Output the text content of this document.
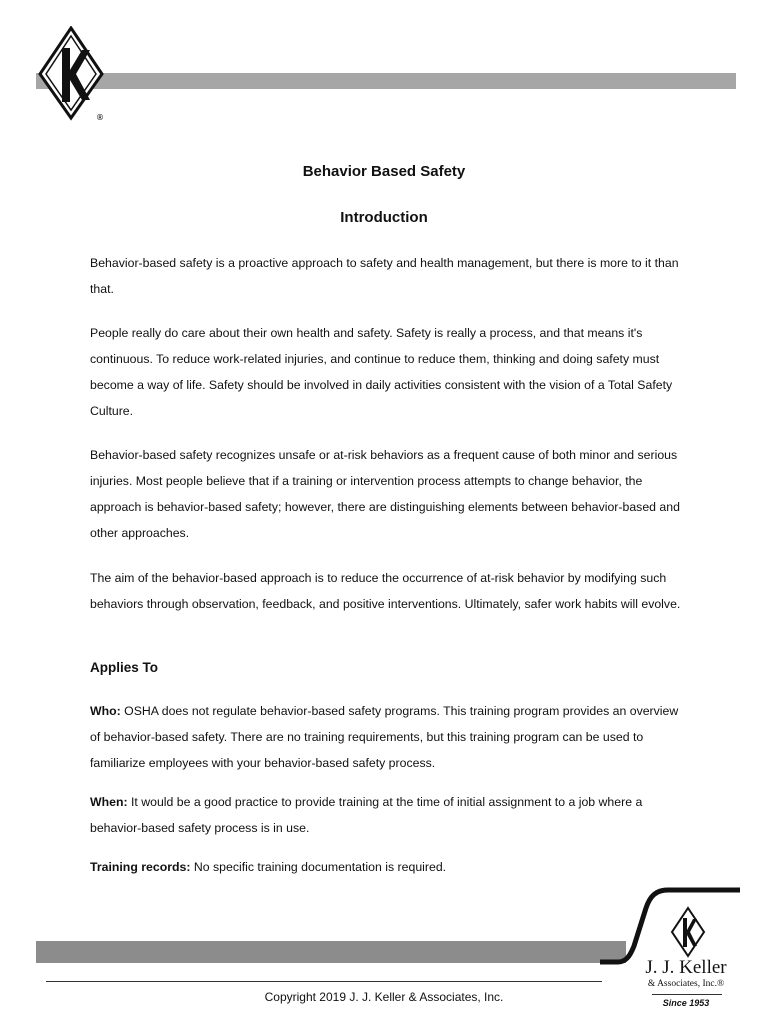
®
Behavior Based Safety
Introduction

Behavior-based safety is a proactive approach to safety and health management, but there is more to it than that.

People really do care about their own health and safety. Safety is really a process, and that means it's continuous. To reduce work-related injuries, and continue to reduce them, thinking and doing safety must become a way of life. Safety should be involved in daily activities consistent with the vision of a Total Safety Culture.

Behavior-based safety recognizes unsafe or at-risk behaviors as a frequent cause of both minor and serious injuries. Most people believe that if a training or intervention process attempts to change behavior, the approach is behavior-based safety; however, there are distinguishing elements between behavior-based and other approaches.

The aim of the behavior-based approach is to reduce the occurrence of at-risk behavior by modifying such behaviors through observation, feedback, and positive interventions. Ultimately, safer work habits will evolve.

Applies To

Who: OSHA does not regulate behavior-based safety programs. This training program provides an overview of behavior-based safety. There are no training requirements, but this training program can be used to familiarize employees with your behavior-based safety process.

When: It would be a good practice to provide training at the time of initial assignment to a job where a behavior-based safety process is in use.

Training records: No specific training documentation is required.

Copyright 2019 J. J. Keller & Associates, Inc.
J. J. Keller
& Associates, Inc.®
Since 1953
